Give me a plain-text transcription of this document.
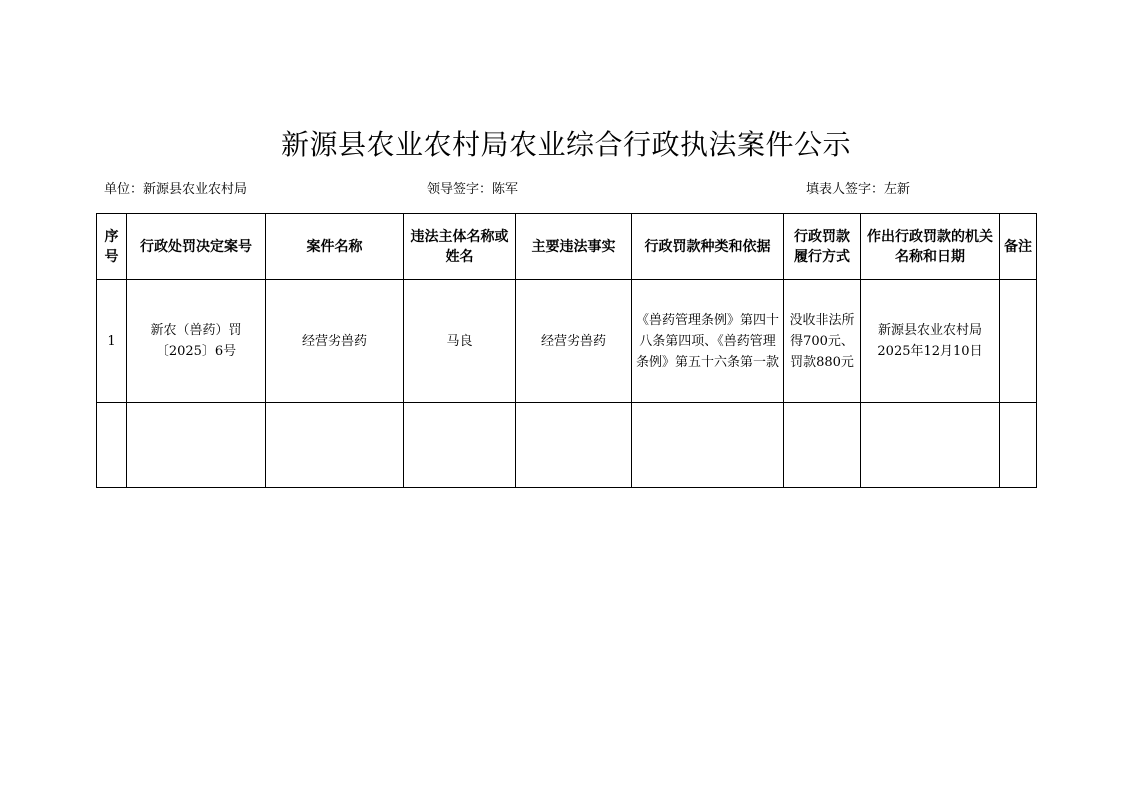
新源县农业农村局农业综合行政执法案件公示
单位：新源县农业农村局	领导签字：陈军	填表人签字：左新
序号	行政处罚决定案号	案件名称	违法主体名称或姓名	主要违法事实	行政罚款种类和依据	行政罚款履行方式	作出行政罚款的机关名称和日期	备注
1	新农（兽药）罚〔2025〕6号	经营劣兽药	马良	经营劣兽药	《兽药管理条例》第四十八条第四项、《兽药管理条例》第五十六条第一款	没收非法所得700元、罚款880元	新源县农业农村局2025年12月10日	
